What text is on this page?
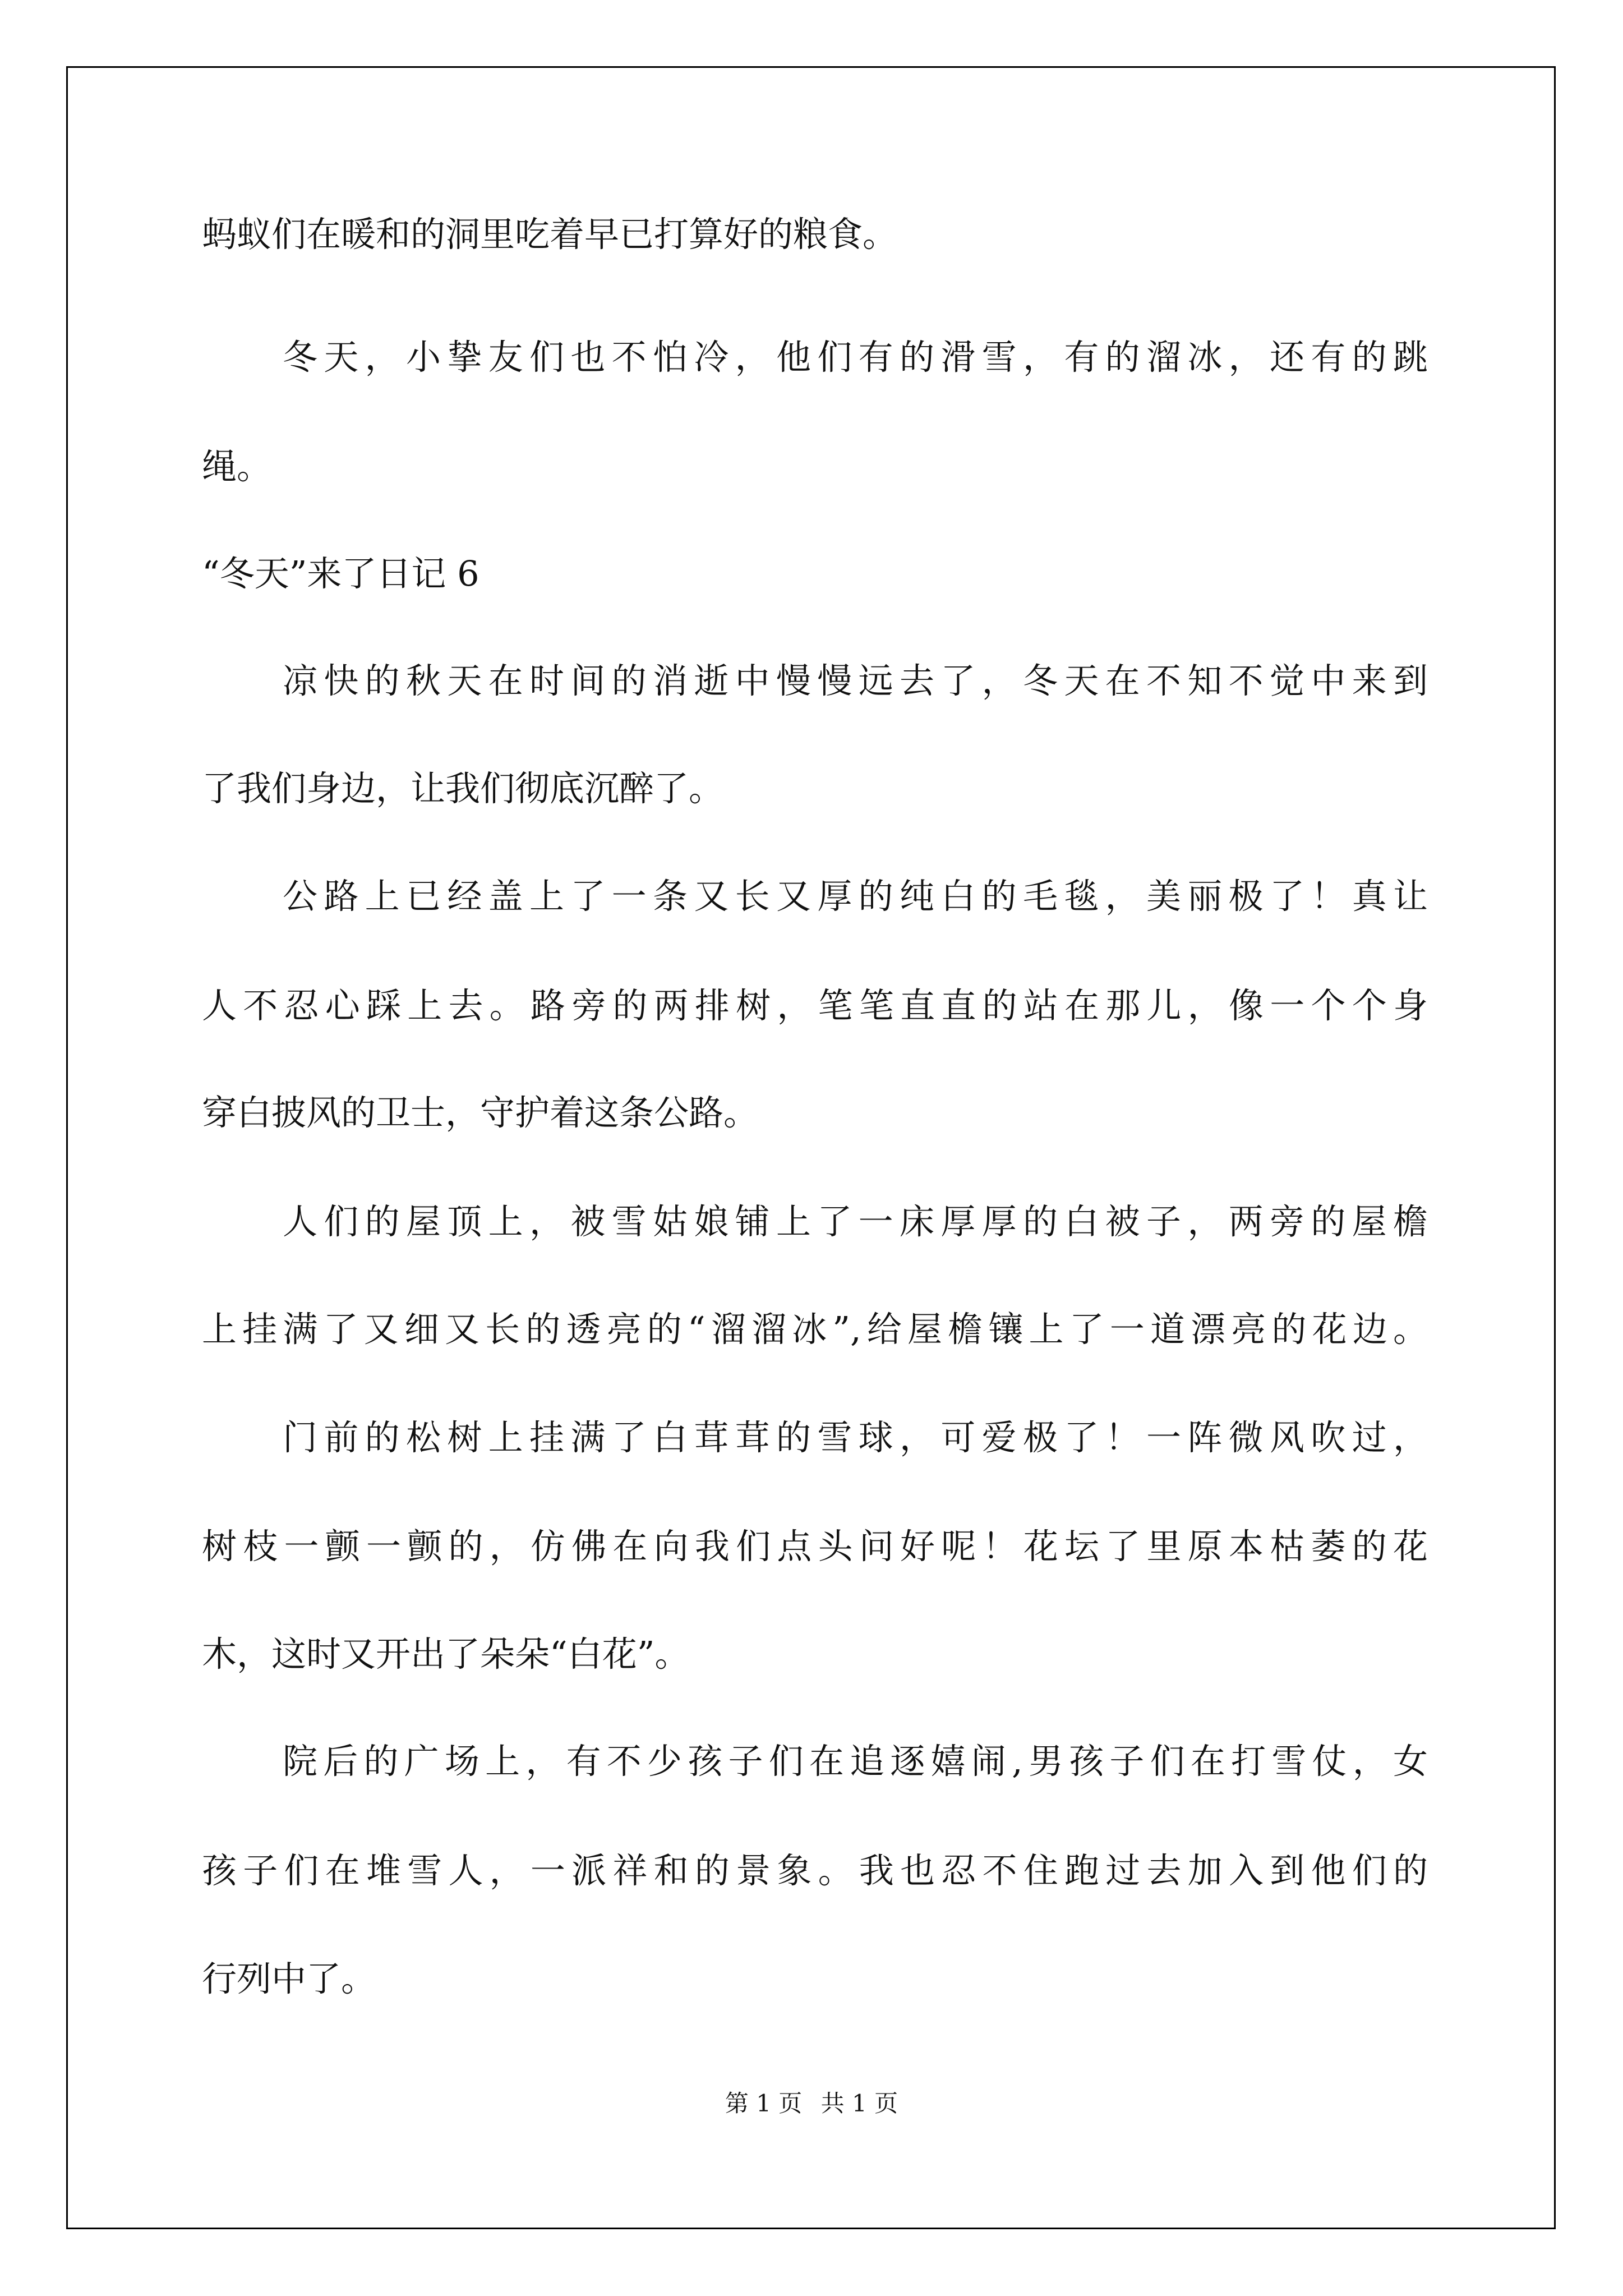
蚂蚁们在暖和的洞里吃着早已打算好的粮食。
冬天，小挚友们也不怕冷，他们有的滑雪，有的溜冰，还有的跳
绳。
“冬天”来了日记 6
凉快的秋天在时间的消逝中慢慢远去了，冬天在不知不觉中来到
了我们身边，让我们彻底沉醉了。
公路上已经盖上了一条又长又厚的纯白的毛毯，美丽极了！真让
人不忍心踩上去。路旁的两排树，笔笔直直的站在那儿，像一个个身
穿白披风的卫士，守护着这条公路。
人们的屋顶上，被雪姑娘铺上了一床厚厚的白被子，两旁的屋檐
上挂满了又细又长的透亮的“溜溜冰”,给屋檐镶上了一道漂亮的花边。
门前的松树上挂满了白茸茸的雪球，可爱极了！一阵微风吹过，
树枝一颤一颤的，仿佛在向我们点头问好呢！花坛了里原本枯萎的花
木，这时又开出了朵朵“白花”。
院后的广场上，有不少孩子们在追逐嬉闹,男孩子们在打雪仗，女
孩子们在堆雪人，一派祥和的景象。我也忍不住跑过去加入到他们的
行列中了。
第 1 页 共 1 页
